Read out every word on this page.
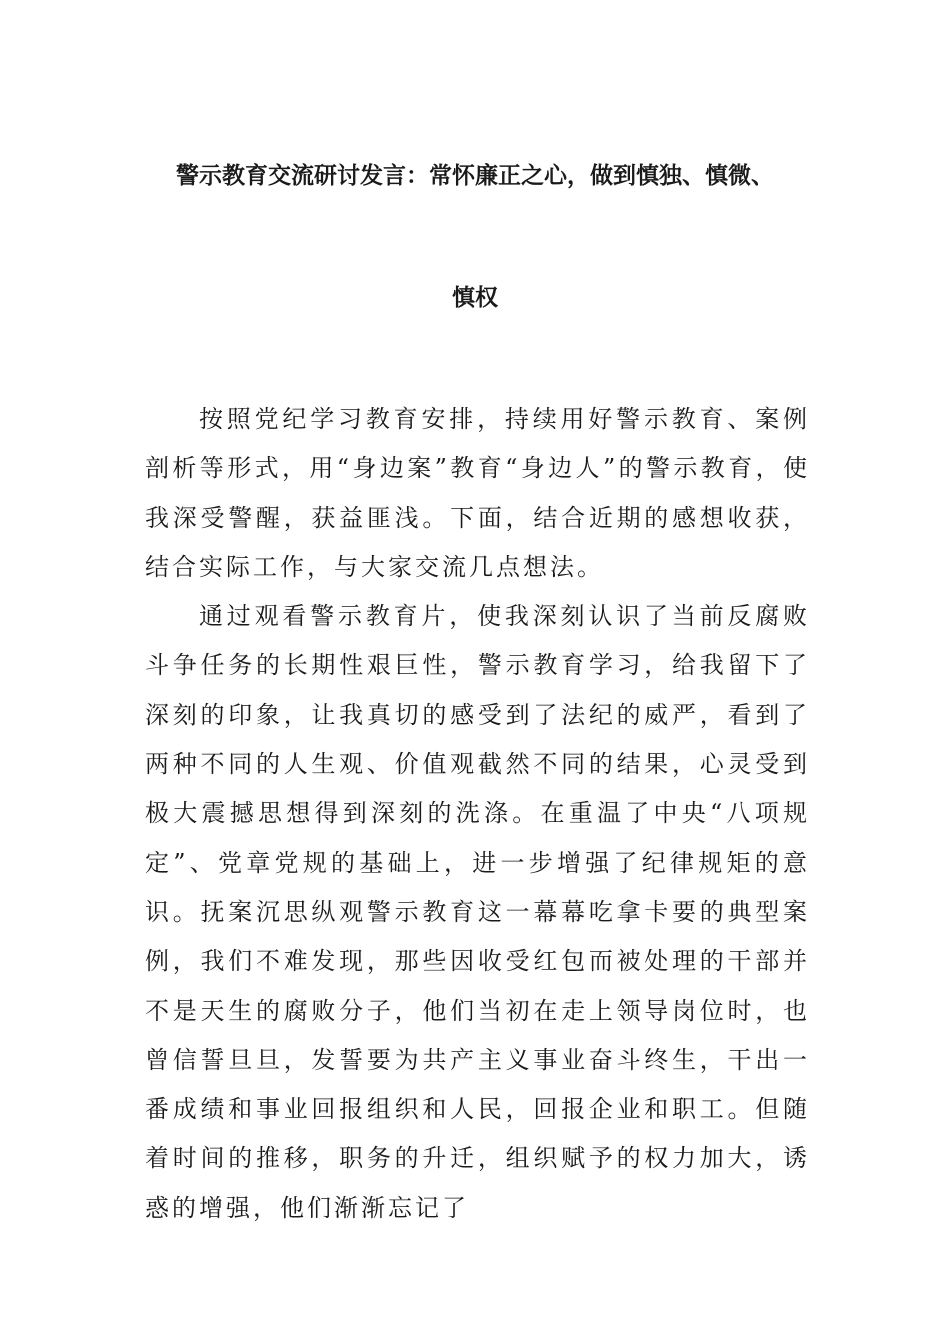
警示教育交流研讨发言：常怀廉正之心，做到慎独、慎微、
慎权

按照党纪学习教育安排，持续用好警示教育、案例剖析等形式，用“身边案”教育“身边人”的警示教育，使我深受警醒，获益匪浅。下面，结合近期的感想收获，结合实际工作，与大家交流几点想法。

通过观看警示教育片，使我深刻认识了当前反腐败斗争任务的长期性艰巨性，警示教育学习，给我留下了深刻的印象，让我真切的感受到了法纪的威严，看到了两种不同的人生观、价值观截然不同的结果，心灵受到极大震撼思想得到深刻的洗涤。在重温了中央“八项规定”、党章党规的基础上，进一步增强了纪律规矩的意识。抚案沉思纵观警示教育这一幕幕吃拿卡要的典型案例，我们不难发现，那些因收受红包而被处理的干部并不是天生的腐败分子，他们当初在走上领导岗位时，也曾信誓旦旦，发誓要为共产主义事业奋斗终生，干出一番成绩和事业回报组织和人民，回报企业和职工。但随着时间的推移，职务的升迁，组织赋予的权力加大，诱惑的增强，他们渐渐忘记了
